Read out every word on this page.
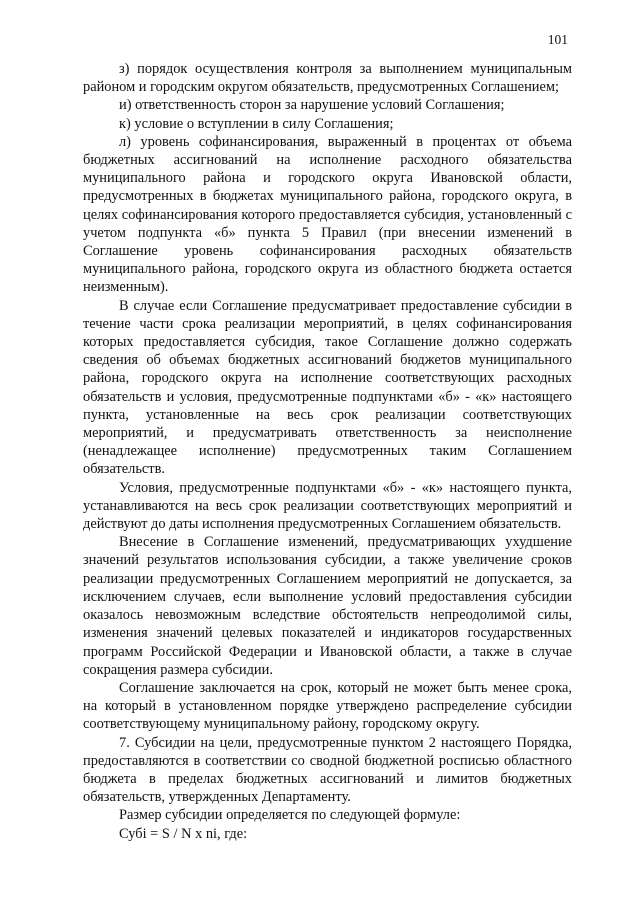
101

з) порядок осуществления контроля за выполнением муниципальным районом и городским округом обязательств, предусмотренных Соглашением;

и) ответственность сторон за нарушение условий Соглашения;

к) условие о вступлении в силу Соглашения;

л) уровень софинансирования, выраженный в процентах от объема бюджетных ассигнований на исполнение расходного обязательства муниципального района и городского округа Ивановской области, предусмотренных в бюджетах муниципального района, городского округа, в целях софинансирования которого предоставляется субсидия, установленный с учетом подпункта «б» пункта 5 Правил (при внесении изменений в Соглашение уровень софинансирования расходных обязательств муниципального района, городского округа из областного бюджета остается неизменным).

В случае если Соглашение предусматривает предоставление субсидии в течение части срока реализации мероприятий, в целях софинансирования которых предоставляется субсидия, такое Соглашение должно содержать сведения об объемах бюджетных ассигнований бюджетов муниципального района, городского округа на исполнение соответствующих расходных обязательств и условия, предусмотренные подпунктами «б» - «к» настоящего пункта, установленные на весь срок реализации соответствующих мероприятий, и предусматривать ответственность за неисполнение (ненадлежащее исполнение) предусмотренных таким Соглашением обязательств.

Условия, предусмотренные подпунктами «б» - «к» настоящего пункта, устанавливаются на весь срок реализации соответствующих мероприятий и действуют до даты исполнения предусмотренных Соглашением обязательств.

Внесение в Соглашение изменений, предусматривающих ухудшение значений результатов использования субсидии, а также увеличение сроков реализации предусмотренных Соглашением мероприятий не допускается, за исключением случаев, если выполнение условий предоставления субсидии оказалось невозможным вследствие обстоятельств непреодолимой силы, изменения значений целевых показателей и индикаторов государственных программ Российской Федерации и Ивановской области, а также в случае сокращения размера субсидии.

Соглашение заключается на срок, который не может быть менее срока, на который в установленном порядке утверждено распределение субсидии соответствующему муниципальному району, городскому округу.

7. Субсидии на цели, предусмотренные пунктом 2 настоящего Порядка, предоставляются в соответствии со сводной бюджетной росписью областного бюджета в пределах бюджетных ассигнований и лимитов бюджетных обязательств, утвержденных Департаменту.

Размер субсидии определяется по следующей формуле:

Субi = S / N x ni, где:
